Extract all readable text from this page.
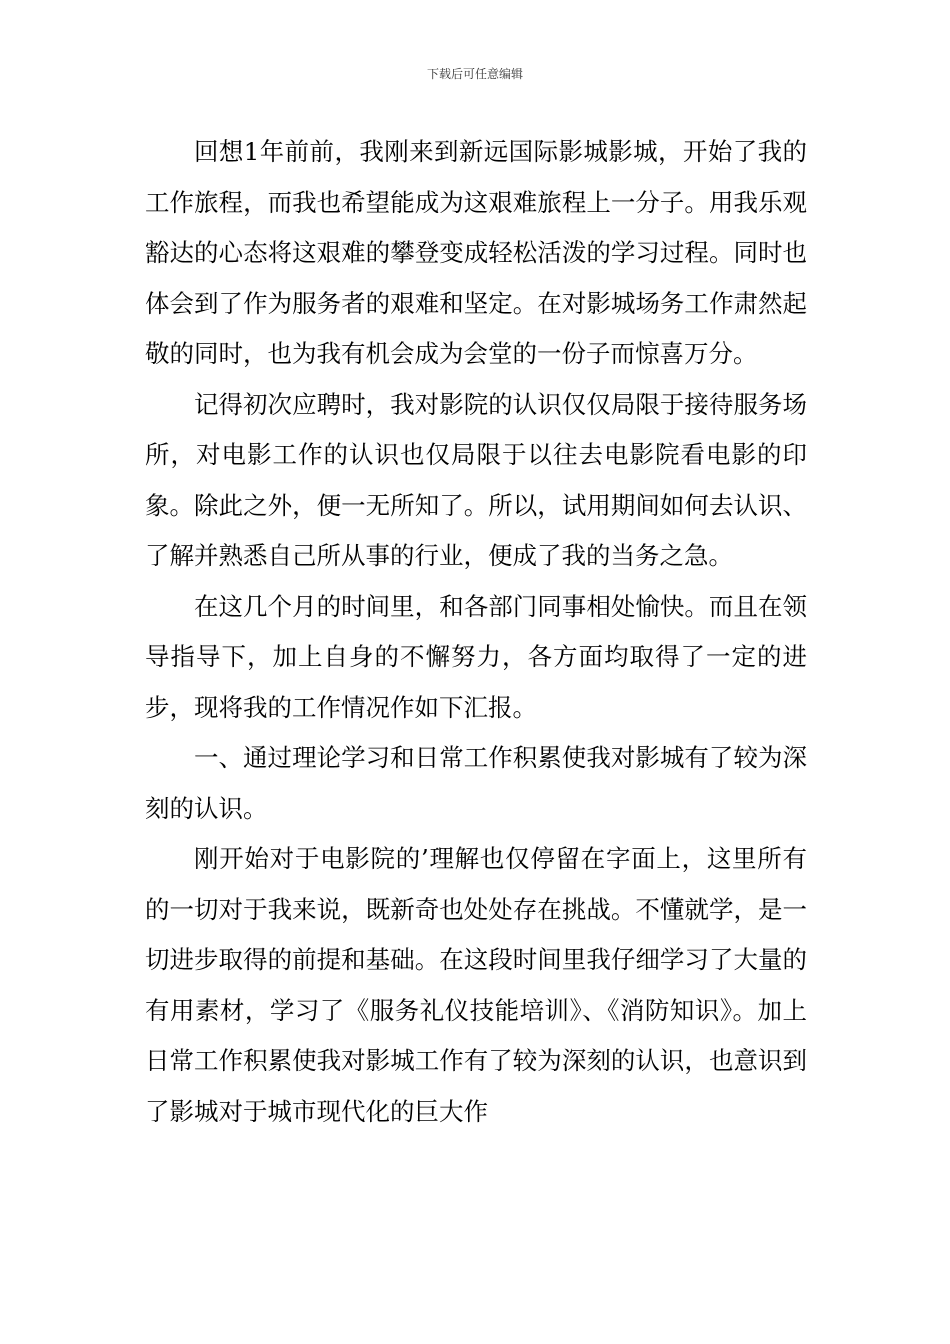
下载后可任意编辑

回想1年前前，我刚来到新远国际影城影城，开始了我的工作旅程，而我也希望能成为这艰难旅程上一分子。用我乐观豁达的心态将这艰难的攀登变成轻松活泼的学习过程。同时也体会到了作为服务者的艰难和坚定。在对影城场务工作肃然起敬的同时，也为我有机会成为会堂的一份子而惊喜万分。

记得初次应聘时，我对影院的认识仅仅局限于接待服务场所，对电影工作的认识也仅局限于以往去电影院看电影的印象。除此之外，便一无所知了。所以，试用期间如何去认识、了解并熟悉自己所从事的行业，便成了我的当务之急。

在这几个月的时间里，和各部门同事相处愉快。而且在领导指导下，加上自身的不懈努力，各方面均取得了一定的进步，现将我的工作情况作如下汇报。

一、通过理论学习和日常工作积累使我对影城有了较为深刻的认识。

刚开始对于电影院的’理解也仅停留在字面上，这里所有的一切对于我来说，既新奇也处处存在挑战。不懂就学，是一切进步取得的前提和基础。在这段时间里我仔细学习了大量的有用素材，学习了《服务礼仪技能培训》、《消防知识》。加上日常工作积累使我对影城工作有了较为深刻的认识，也意识到了影城对于城市现代化的巨大作
